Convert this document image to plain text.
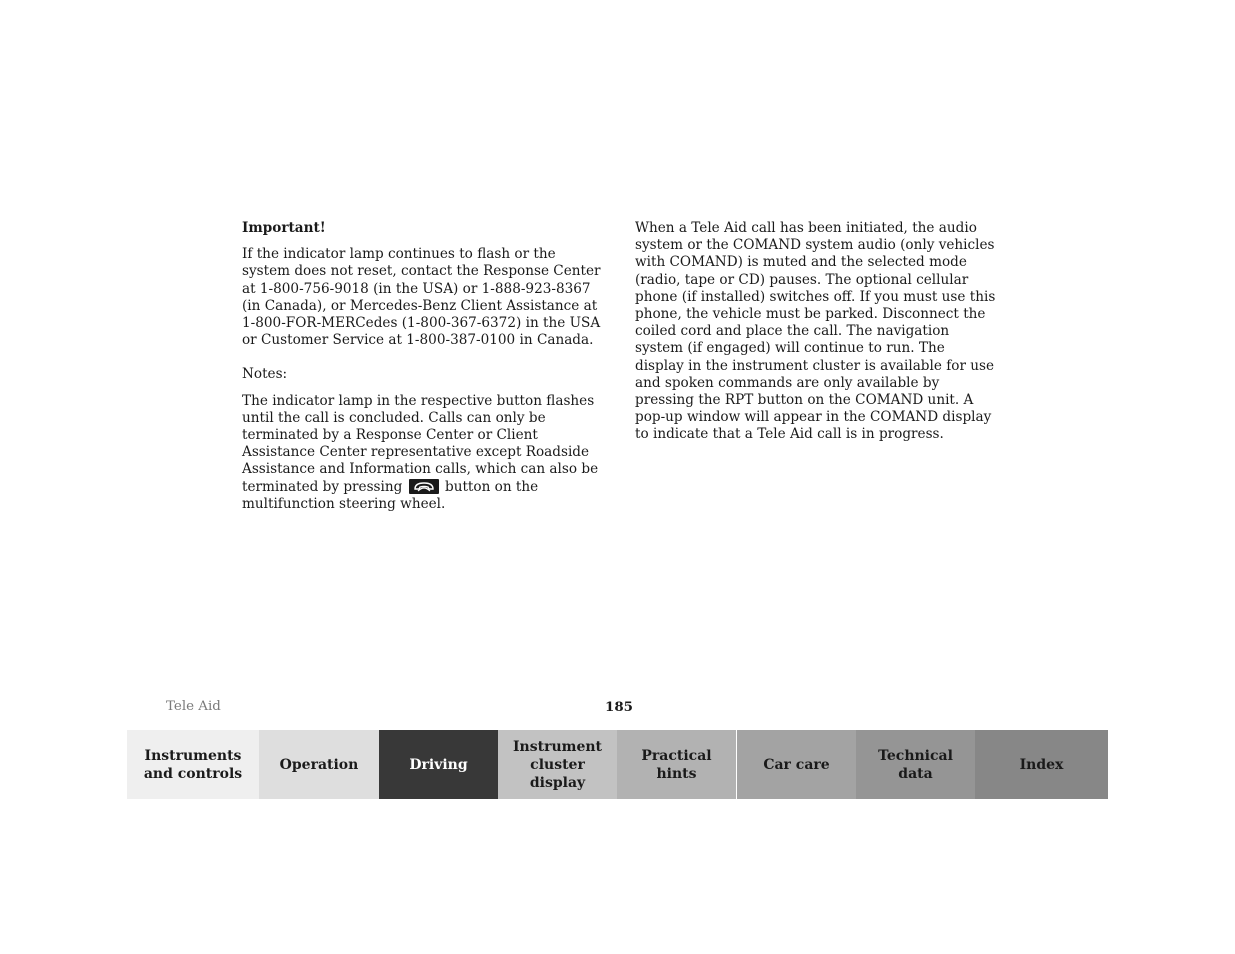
Important!

If the indicator lamp continues to flash or the system does not reset, contact the Response Center at 1-800-756-9018 (in the USA) or 1-888-923-8367 (in Canada), or Mercedes-Benz Client Assistance at 1-800-FOR-MERCedes (1-800-367-6372) in the USA or Customer Service at 1-800-387-0100 in Canada.

Notes:

The indicator lamp in the respective button flashes until the call is concluded. Calls can only be terminated by a Response Center or Client Assistance Center representative except Roadside Assistance and Information calls, which can also be terminated by pressing	button on the multifunction steering wheel.

When a Tele Aid call has been initiated, the audio system or the COMAND system audio (only vehicles with COMAND) is muted and the selected mode (radio, tape or CD) pauses. The optional cellular phone (if installed) switches off. If you must use this phone, the vehicle must be parked. Disconnect the coiled cord and place the call. The navigation system (if engaged) will continue to run. The display in the instrument cluster is available for use and spoken commands are only available by pressing the RPT button on the COMAND unit. A pop-up window will appear in the COMAND display to indicate that a Tele Aid call is in progress.

Tele Aid	185
Instruments
and controls
Operation	Driving
Instrument
cluster display
Practical hints
Car care
Technical
data
Index
